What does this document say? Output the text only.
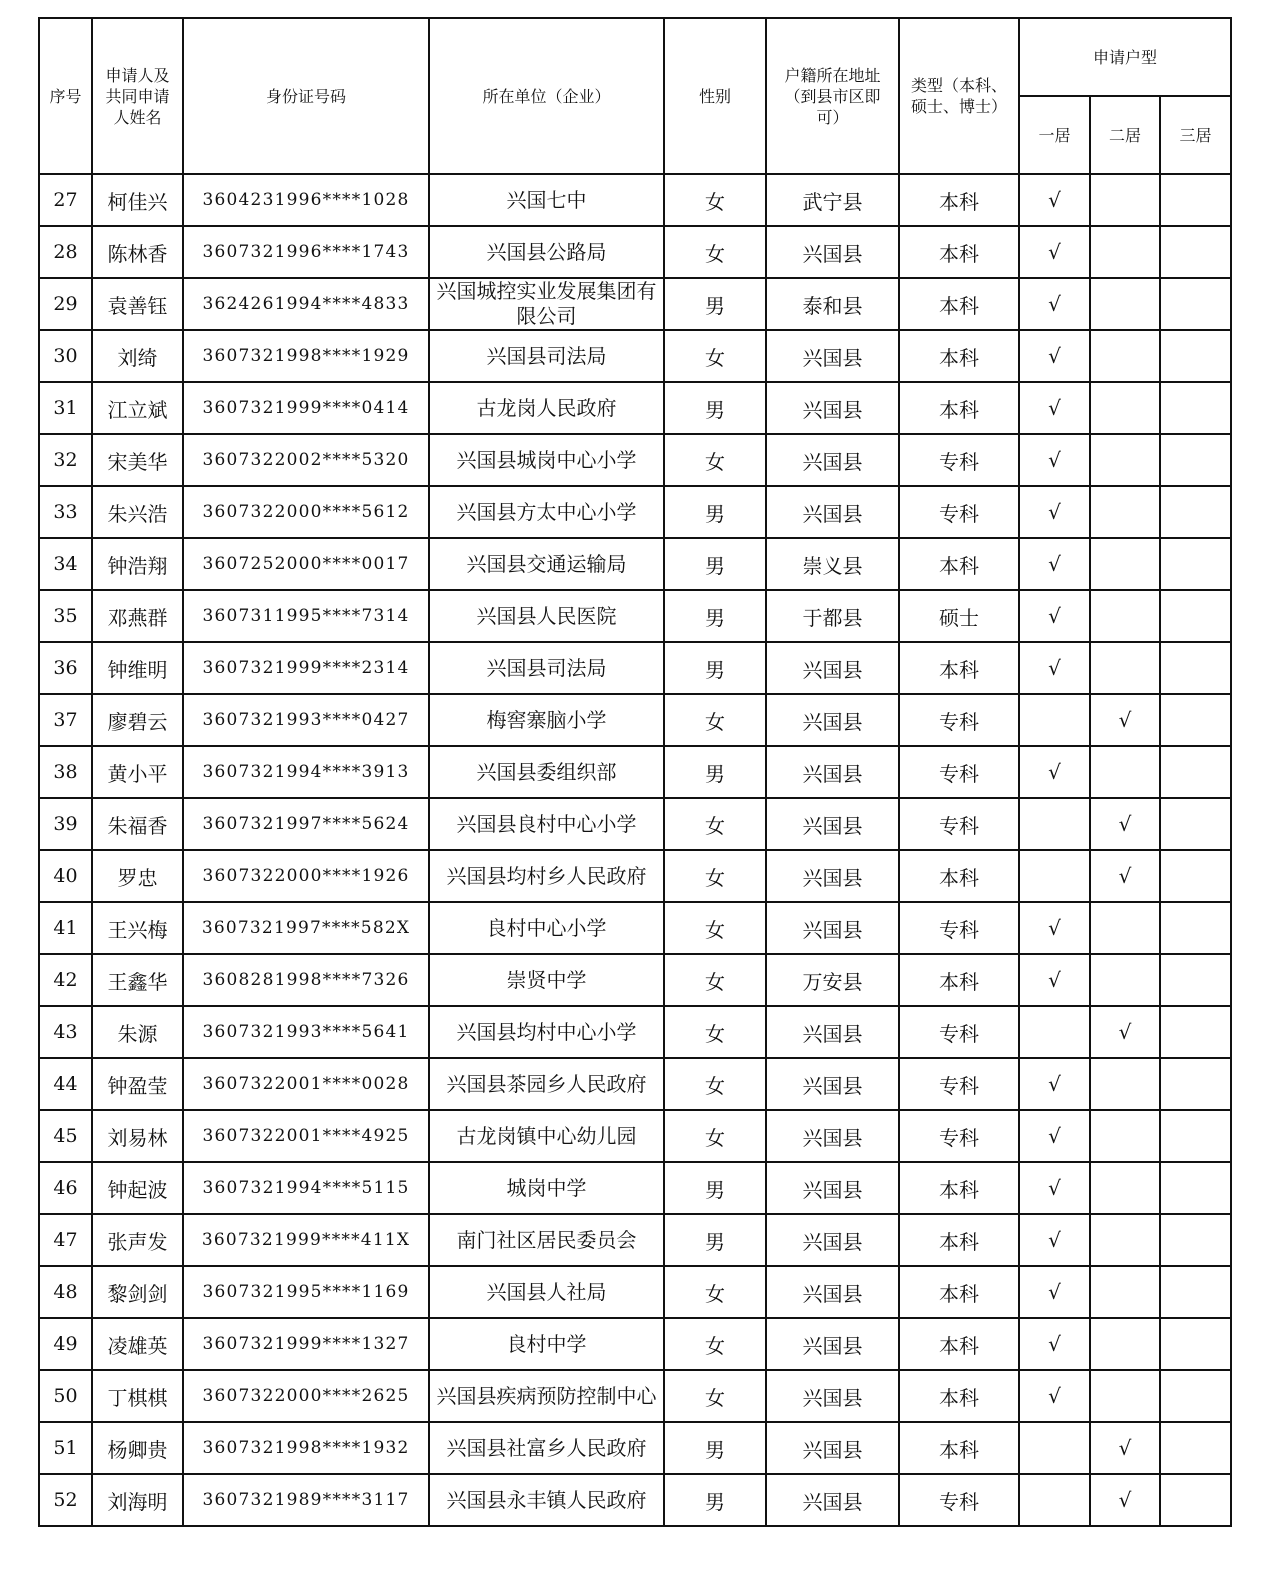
序号	申请人及共同申请人姓名	身份证号码	所在单位（企业）	性别	户籍所在地址（到县市区即可）	类型（本科、硕士、博士）	申请户型		
							一居	二居	三居
27	柯佳兴	3604231996****1028	兴国七中	女	武宁县	本科	√		
28	陈林香	3607321996****1743	兴国县公路局	女	兴国县	本科	√		
29	袁善钰	3624261994****4833	兴国城控实业发展集团有限公司	男	泰和县	本科	√		
30	刘绮	3607321998****1929	兴国县司法局	女	兴国县	本科	√		
31	江立斌	3607321999****0414	古龙岗人民政府	男	兴国县	本科	√		
32	宋美华	3607322002****5320	兴国县城岗中心小学	女	兴国县	专科	√		
33	朱兴浩	3607322000****5612	兴国县方太中心小学	男	兴国县	专科	√		
34	钟浩翔	3607252000****0017	兴国县交通运输局	男	崇义县	本科	√		
35	邓燕群	3607311995****7314	兴国县人民医院	男	于都县	硕士	√		
36	钟维明	3607321999****2314	兴国县司法局	男	兴国县	本科	√		
37	廖碧云	3607321993****0427	梅窖寨脑小学	女	兴国县	专科		√	
38	黄小平	3607321994****3913	兴国县委组织部	男	兴国县	专科	√		
39	朱福香	3607321997****5624	兴国县良村中心小学	女	兴国县	专科		√	
40	罗忠	3607322000****1926	兴国县均村乡人民政府	女	兴国县	本科		√	
41	王兴梅	3607321997****582X	良村中心小学	女	兴国县	专科	√		
42	王鑫华	3608281998****7326	崇贤中学	女	万安县	本科	√		
43	朱源	3607321993****5641	兴国县均村中心小学	女	兴国县	专科		√	
44	钟盈莹	3607322001****0028	兴国县茶园乡人民政府	女	兴国县	专科	√		
45	刘易林	3607322001****4925	古龙岗镇中心幼儿园	女	兴国县	专科	√		
46	钟起波	3607321994****5115	城岗中学	男	兴国县	本科	√		
47	张声发	3607321999****411X	南门社区居民委员会	男	兴国县	本科	√		
48	黎剑剑	3607321995****1169	兴国县人社局	女	兴国县	本科	√		
49	凌雄英	3607321999****1327	良村中学	女	兴国县	本科	√		
50	丁棋棋	3607322000****2625	兴国县疾病预防控制中心	女	兴国县	本科	√		
51	杨卿贵	3607321998****1932	兴国县社富乡人民政府	男	兴国县	本科		√	
52	刘海明	3607321989****3117	兴国县永丰镇人民政府	男	兴国县	专科		√	
